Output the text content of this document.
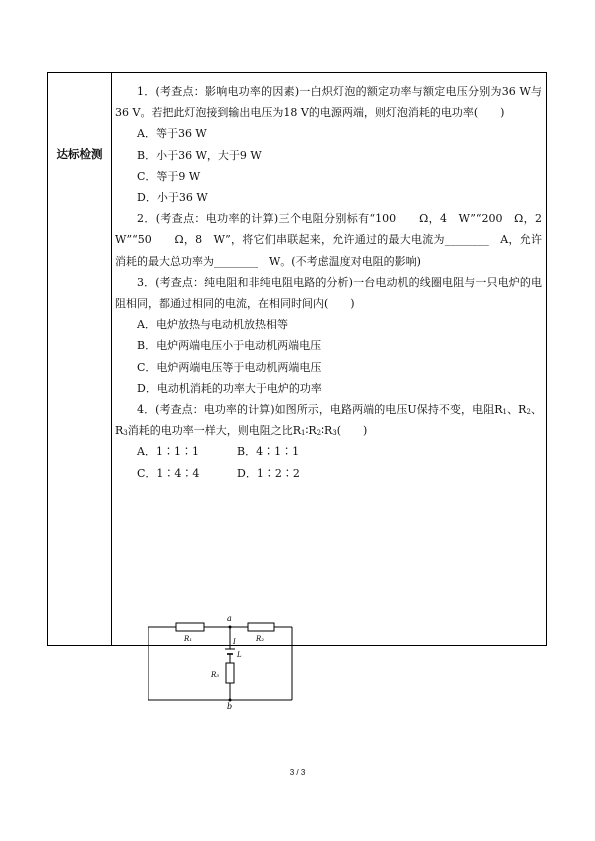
达标检测

1．(考查点：影响电功率的因素)一白炽灯泡的额定功率与额定电压分别为36 W与36 V。若把此灯泡接到输出电压为18 V的电源两端，则灯泡消耗的电功率(　　)

A．等于36 W

B．小于36 W，大于9 W

C．等于9 W

D．小于36 W

2．(考查点：电功率的计算)三个电阻分别标有“100　　Ω，4　W”“200　Ω，2　W”“50　　Ω，8　W”，将它们串联起来，允许通过的最大电流为________　A，允许消耗的最大总功率为________　W。(不考虑温度对电阻的影响)

3．(考查点：纯电阻和非纯电阻电路的分析)一台电动机的线圈电阻与一只电炉的电阻相同，都通过相同的电流，在相同时间内(　　)

A．电炉放热与电动机放热相等

B．电炉两端电压小于电动机两端电压

C．电炉两端电压等于电动机两端电压

D．电动机消耗的功率大于电炉的功率

4．(考查点：电功率的计算)如图所示，电路两端的电压U保持不变，电阻$R_1$、$R_2$、$R_3$消耗的电功率一样大，则电阻之比$R_1∶R_2∶R_3$(　　)

A．1∶1∶1	B．4∶1∶1
C．1∶4∶4	D．1∶2∶2
a
b
R₁	R₂
R₃
I
L
3 / 3
